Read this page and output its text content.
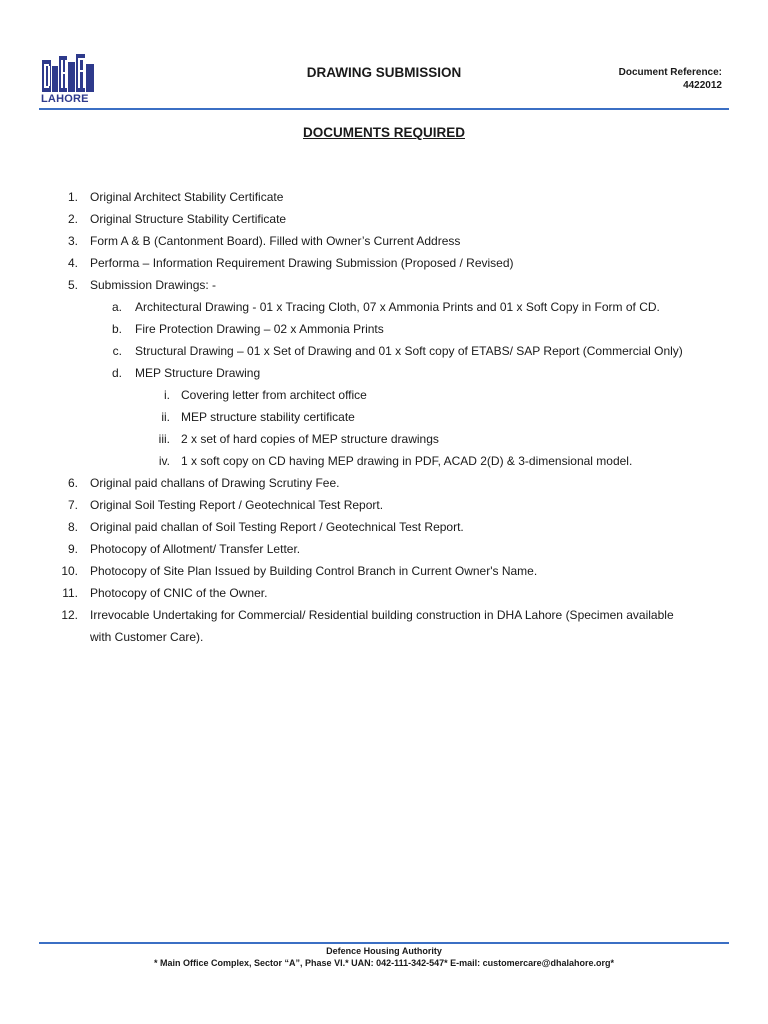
LAHORE
DRAWING SUBMISSION	Document Reference:
4422012
DOCUMENTS REQUIRED
1. Original Architect Stability Certificate
2. Original Structure Stability Certificate
3. Form A & B (Cantonment Board). Filled with Owner’s Current Address
4. Performa – Information Requirement Drawing Submission (Proposed / Revised)
5. Submission Drawings: -
a. Architectural Drawing - 01 x Tracing Cloth, 07 x Ammonia Prints and 01 x Soft Copy in Form of CD.
b. Fire Protection Drawing – 02 x Ammonia Prints
c. Structural Drawing – 01 x Set of Drawing and 01 x Soft copy of ETABS/ SAP Report (Commercial Only)
d. MEP Structure Drawing
i. Covering letter from architect office
ii. MEP structure stability certificate
iii. 2 x set of hard copies of MEP structure drawings
iv. 1 x soft copy on CD having MEP drawing in PDF, ACAD 2(D) & 3-dimensional model.
6. Original paid challans of Drawing Scrutiny Fee.
7. Original Soil Testing Report / Geotechnical Test Report.
8. Original paid challan of Soil Testing Report / Geotechnical Test Report.
9. Photocopy of Allotment/ Transfer Letter.
10. Photocopy of Site Plan Issued by Building Control Branch in Current Owner's Name.
11. Photocopy of CNIC of the Owner.
12. Irrevocable Undertaking for Commercial/ Residential building construction in DHA Lahore (Specimen available
with Customer Care).
Defence Housing Authority
* Main Office Complex, Sector “A”, Phase VI.* UAN: 042-111-342-547* E-mail: customercare@dhalahore.org*
